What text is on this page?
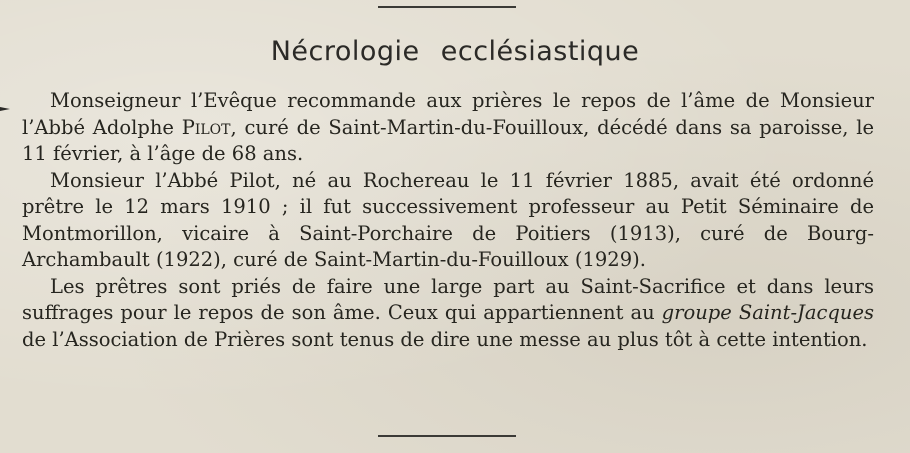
Nécrologie ecclésiastique

Monseigneur l’Evêque recommande aux prières le repos de l’âme de Monsieur l’Abbé Adolphe Pilot, curé de Saint-Martin-du-Fouilloux, décédé dans sa paroisse, le 11 février, à l’âge de 68 ans.

Monsieur l’Abbé Pilot, né au Rochereau le 11 février 1885, avait été ordonné prêtre le 12 mars 1910 ; il fut successivement professeur au Petit Séminaire de Montmorillon, vicaire à Saint-Porchaire de Poitiers (1913), curé de Bourg-Archambault (1922), curé de Saint-Martin-du-Fouilloux (1929).

Les prêtres sont priés de faire une large part au Saint-Sacrifice et dans leurs suffrages pour le repos de son âme. Ceux qui appartiennent au groupe Saint-Jacques de l’Association de Prières sont tenus de dire une messe au plus tôt à cette intention.
